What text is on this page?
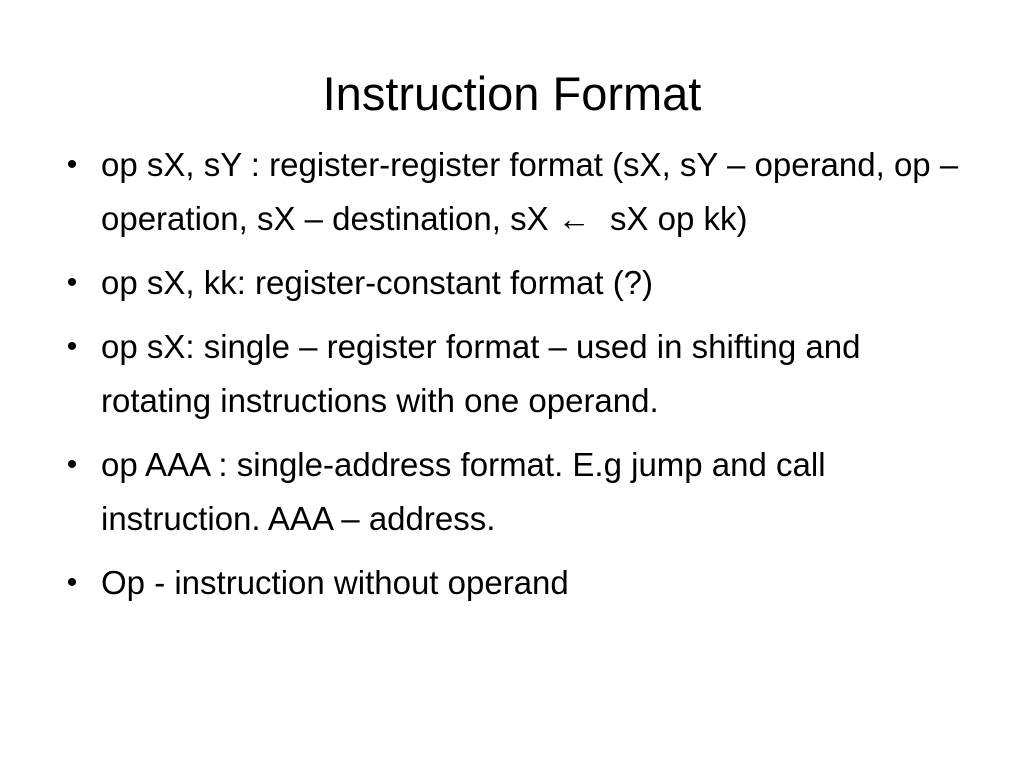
Instruction Format
• op sX, sY : register-register format (sX, sY – operand, op – operation, sX – destination, sX ← sX op kk)
• op sX, kk: register-constant format (?)
• op sX: single – register format – used in shifting and rotating instructions with one operand.
• op AAA : single-address format. E.g jump and call instruction. AAA – address.
• Op - instruction without operand
